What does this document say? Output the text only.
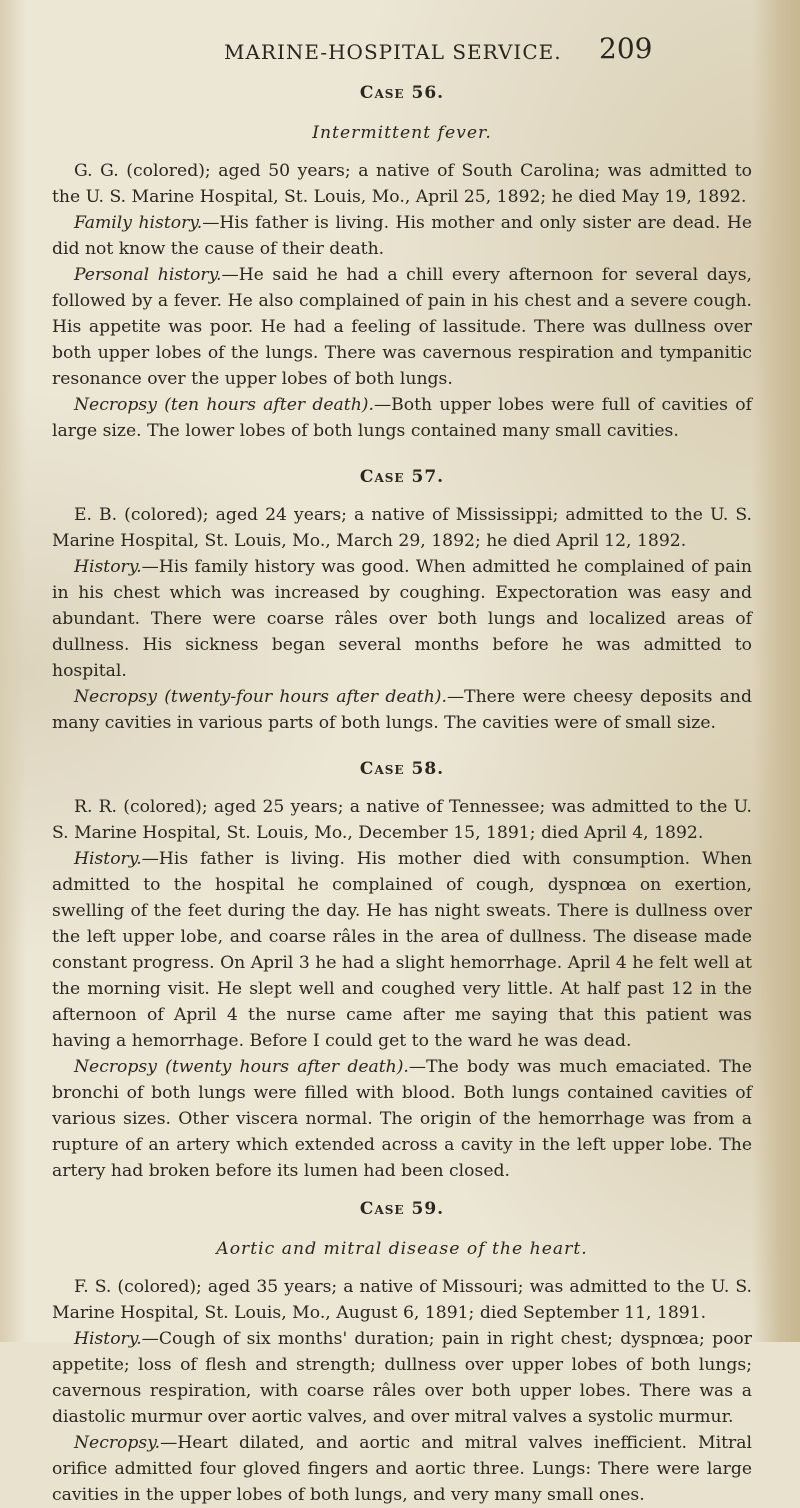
MARINE-HOSPITAL SERVICE. 209
Case 56.
Intermittent fever.

G. G. (colored); aged 50 years; a native of South Carolina; was admitted to the U. S. Marine Hospital, St. Louis, Mo., April 25, 1892; he died May 19, 1892.

Family history.—His father is living. His mother and only sister are dead. He did not know the cause of their death.

Personal history.—He said he had a chill every afternoon for several days, followed by a fever. He also complained of pain in his chest and a severe cough. His appetite was poor. He had a feeling of lassitude. There was dullness over both upper lobes of the lungs. There was cavernous respiration and tympanitic resonance over the upper lobes of both lungs.

Necropsy (ten hours after death).—Both upper lobes were full of cavities of large size. The lower lobes of both lungs contained many small cavities.

Case 57.

E. B. (colored); aged 24 years; a native of Mississippi; admitted to the U. S. Marine Hospital, St. Louis, Mo., March 29, 1892; he died April 12, 1892.

History.—His family history was good. When admitted he complained of pain in his chest which was increased by coughing. Expectoration was easy and abundant. There were coarse râles over both lungs and localized areas of dullness. His sickness began several months before he was admitted to hospital.

Necropsy (twenty-four hours after death).—There were cheesy deposits and many cavities in various parts of both lungs. The cavities were of small size.

Case 58.

R. R. (colored); aged 25 years; a native of Tennessee; was admitted to the U. S. Marine Hospital, St. Louis, Mo., December 15, 1891; died April 4, 1892.

History.—His father is living. His mother died with consumption. When admitted to the hospital he complained of cough, dyspnœa on exertion, swelling of the feet during the day. He has night sweats. There is dullness over the left upper lobe, and coarse râles in the area of dullness. The disease made constant progress. On April 3 he had a slight hemorrhage. April 4 he felt well at the morning visit. He slept well and coughed very little. At half past 12 in the afternoon of April 4 the nurse came after me saying that this patient was having a hemorrhage. Before I could get to the ward he was dead.

Necropsy (twenty hours after death).—The body was much emaciated. The bronchi of both lungs were filled with blood. Both lungs contained cavities of various sizes. Other viscera normal. The origin of the hemorrhage was from a rupture of an artery which extended across a cavity in the left upper lobe. The artery had broken before its lumen had been closed.

Case 59.
Aortic and mitral disease of the heart.

F. S. (colored); aged 35 years; a native of Missouri; was admitted to the U. S. Marine Hospital, St. Louis, Mo., August 6, 1891; died September 11, 1891.

History.—Cough of six months' duration; pain in right chest; dyspnœa; poor appetite; loss of flesh and strength; dullness over upper lobes of both lungs; cavernous respiration, with coarse râles over both upper lobes. There was a diastolic murmur over aortic valves, and over mitral valves a systolic murmur.

Necropsy.—Heart dilated, and aortic and mitral valves inefficient. Mitral orifice admitted four gloved fingers and aortic three. Lungs: There were large cavities in the upper lobes of both lungs, and very many small ones.
